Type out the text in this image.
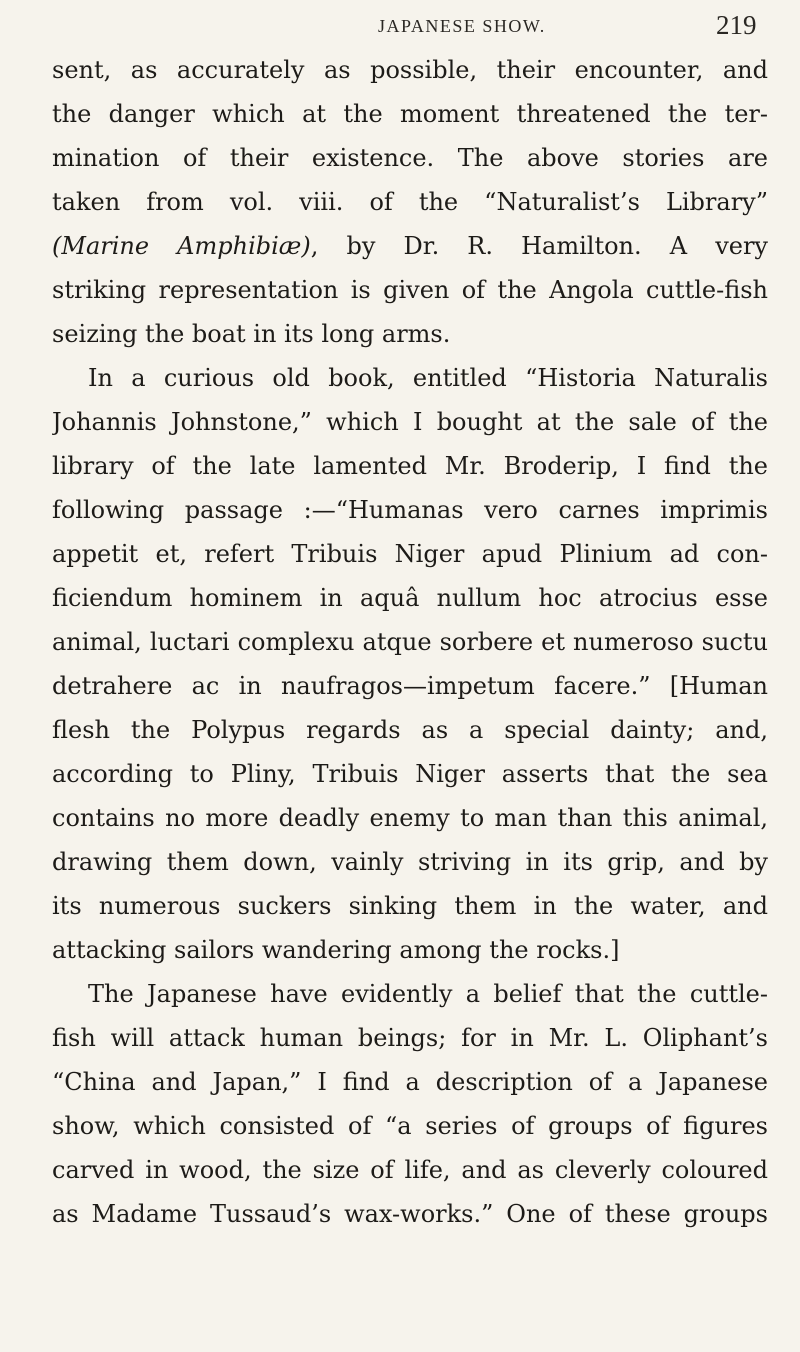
JAPANESE SHOW.	219
sent, as accurately as possible, their encounter, and
the danger which at the moment threatened the ter-
mination of their existence. The above stories are
taken from vol. viii. of the “Naturalist’s Library”
(Marine Amphibiæ), by Dr. R. Hamilton. A very
striking representation is given of the Angola cuttle-fish
seizing the boat in its long arms.
In a curious old book, entitled “Historia Naturalis
Johannis Johnstone,” which I bought at the sale of the
library of the late lamented Mr. Broderip, I find the
following passage :—“Humanas vero carnes imprimis
appetit et, refert Tribuis Niger apud Plinium ad con-
ficiendum hominem in aquâ nullum hoc atrocius esse
animal, luctari complexu atque sorbere et numeroso suctu
detrahere ac in naufragos—impetum facere.” [Human
flesh the Polypus regards as a special dainty; and,
according to Pliny, Tribuis Niger asserts that the sea
contains no more deadly enemy to man than this animal,
drawing them down, vainly striving in its grip, and by
its numerous suckers sinking them in the water, and
attacking sailors wandering among the rocks.]
The Japanese have evidently a belief that the cuttle-
fish will attack human beings; for in Mr. L. Oliphant’s
“China and Japan,” I find a description of a Japanese
show, which consisted of “a series of groups of figures
carved in wood, the size of life, and as cleverly coloured
as Madame Tussaud’s wax-works.” One of these groups
